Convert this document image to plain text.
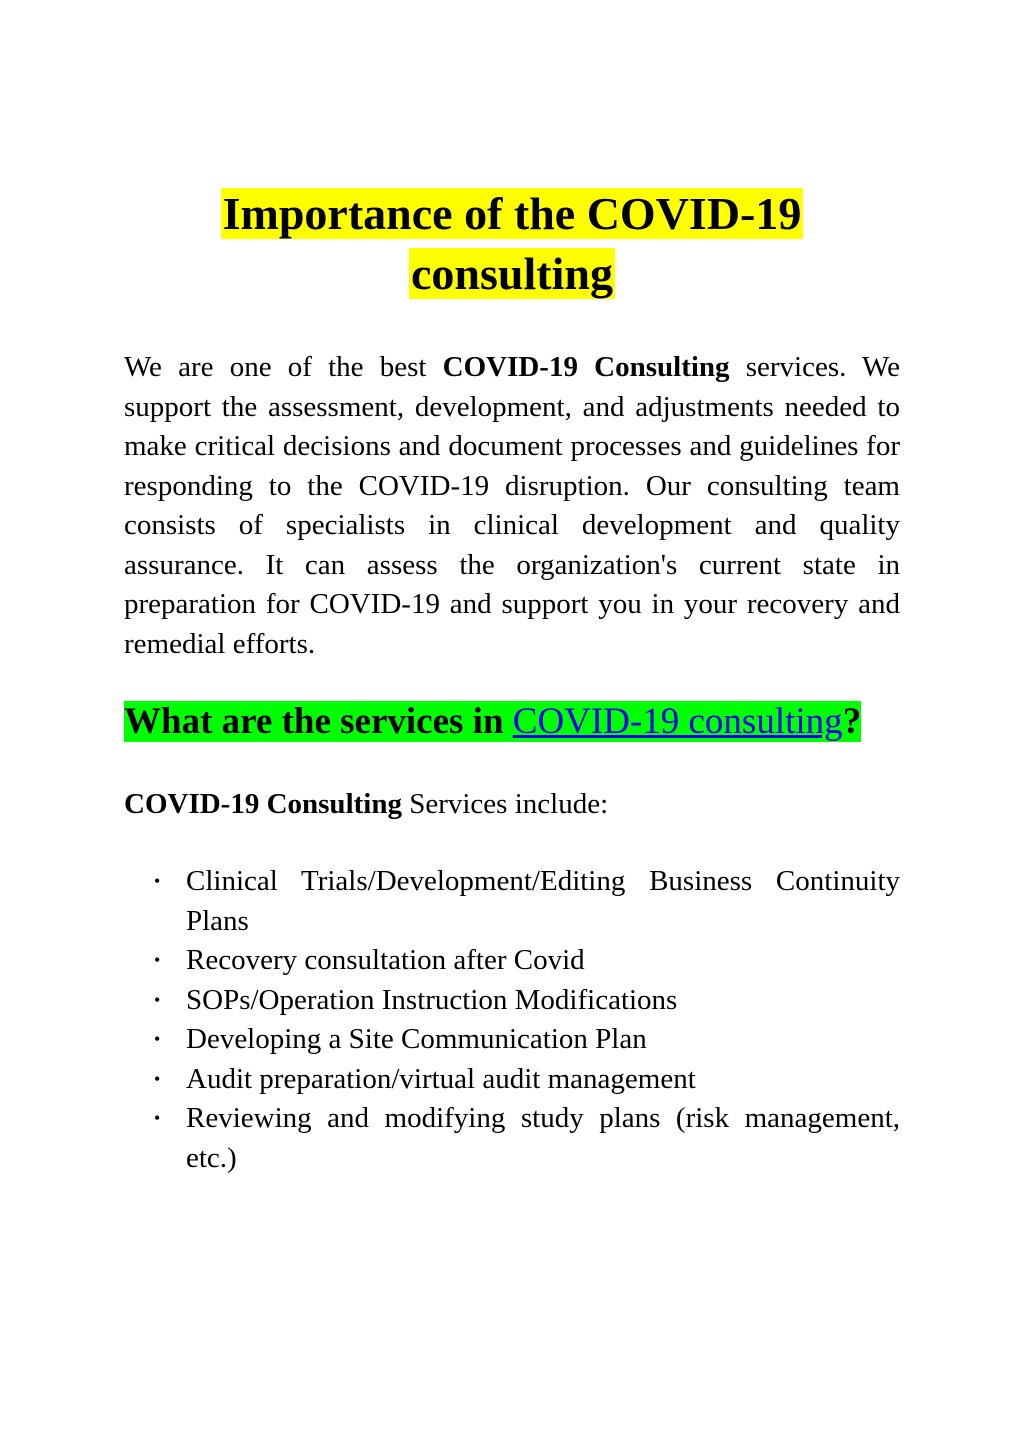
Importance of the COVID-19
consulting

We are one of the best COVID-19 Consulting services. We support the assessment, development, and adjustments needed to make critical decisions and document processes and guidelines for responding to the COVID-19 disruption. Our consulting team consists of specialists in clinical development and quality assurance. It can assess the organization's current state in preparation for COVID-19 and support you in your recovery and remedial efforts.

What are the services in COVID-19 consulting?

COVID-19 Consulting Services include:

• Clinical Trials/Development/Editing Business Continuity Plans
• Recovery consultation after Covid
• SOPs/Operation Instruction Modifications
• Developing a Site Communication Plan
• Audit preparation/virtual audit management
• Reviewing and modifying study plans (risk management, etc.)
